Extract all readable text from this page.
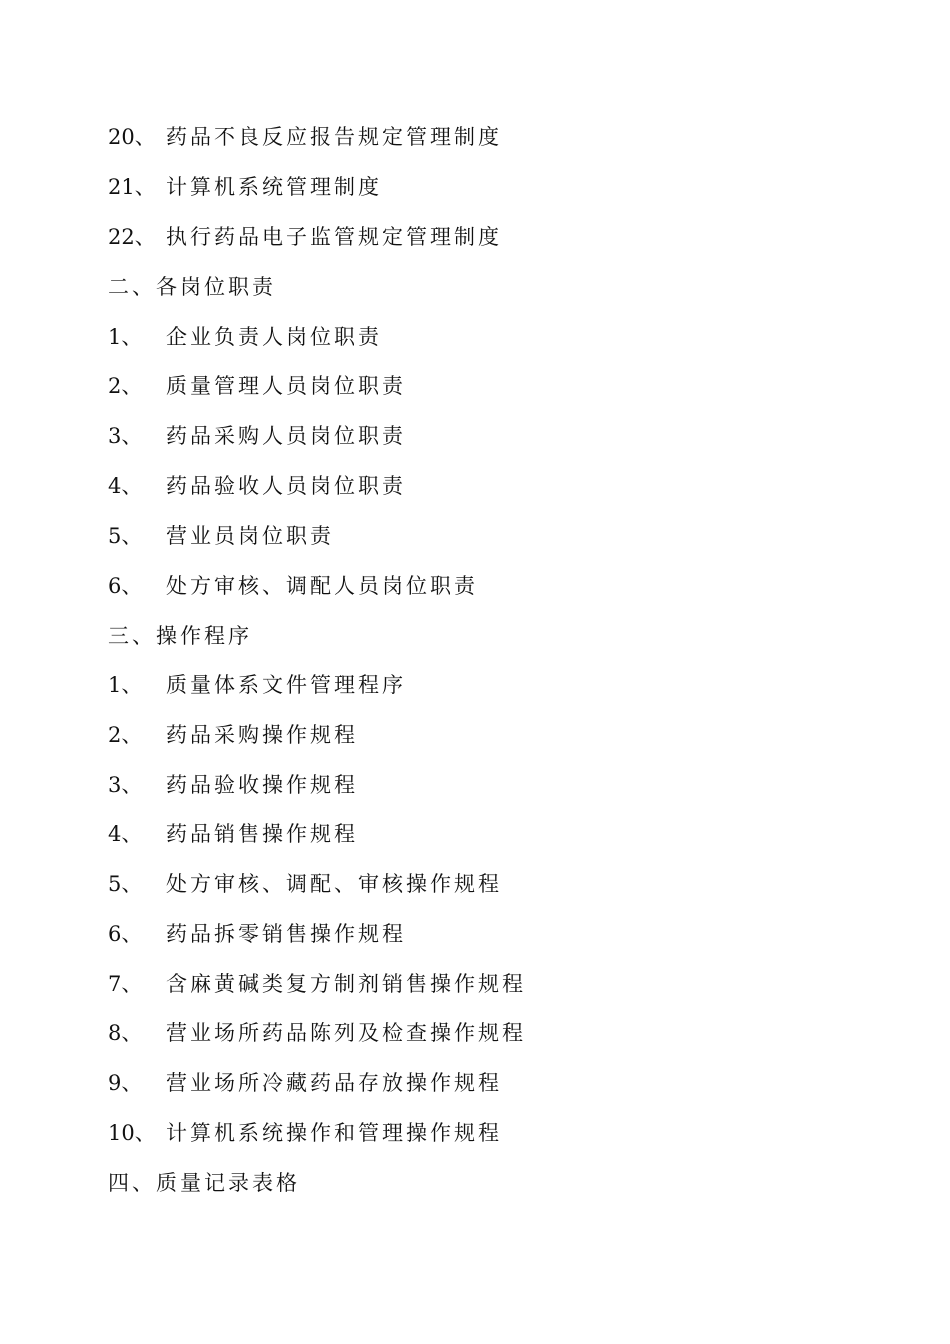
20、 药品不良反应报告规定管理制度
21、 计算机系统管理制度
22、 执行药品电子监管规定管理制度
二、各岗位职责
1、 企业负责人岗位职责
2、 质量管理人员岗位职责
3、 药品采购人员岗位职责
4、 药品验收人员岗位职责
5、 营业员岗位职责
6、 处方审核、调配人员岗位职责
三、操作程序
1、 质量体系文件管理程序
2、 药品采购操作规程
3、 药品验收操作规程
4、 药品销售操作规程
5、 处方审核、调配、审核操作规程
6、 药品拆零销售操作规程
7、 含麻黄碱类复方制剂销售操作规程
8、 营业场所药品陈列及检查操作规程
9、 营业场所冷藏药品存放操作规程
10、 计算机系统操作和管理操作规程
四、质量记录表格
